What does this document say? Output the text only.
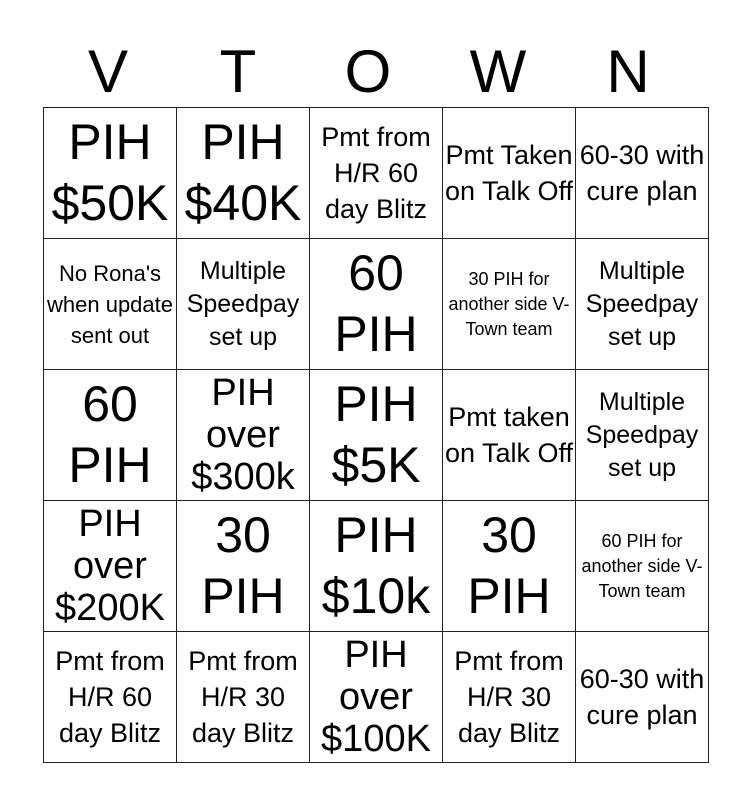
V	T	O	W	N
PIH $50K	PIH $40K	Pmt from H/R 60 day Blitz	Pmt Taken on Talk Off	60-30 with cure plan

No Rona's when update sent out	Multiple Speedpay set up	60 PIH	30 PIH for another side V-Town team	Multiple Speedpay set up

60 PIH	PIH over $300k	PIH $5K	Pmt taken on Talk Off	Multiple Speedpay set up

PIH over $200K	30 PIH	PIH $10k	30 PIH	60 PIH for another side V-Town team

Pmt from H/R 60 day Blitz	Pmt from H/R 30 day Blitz	PIH over $100K	Pmt from H/R 30 day Blitz	60-30 with cure plan
